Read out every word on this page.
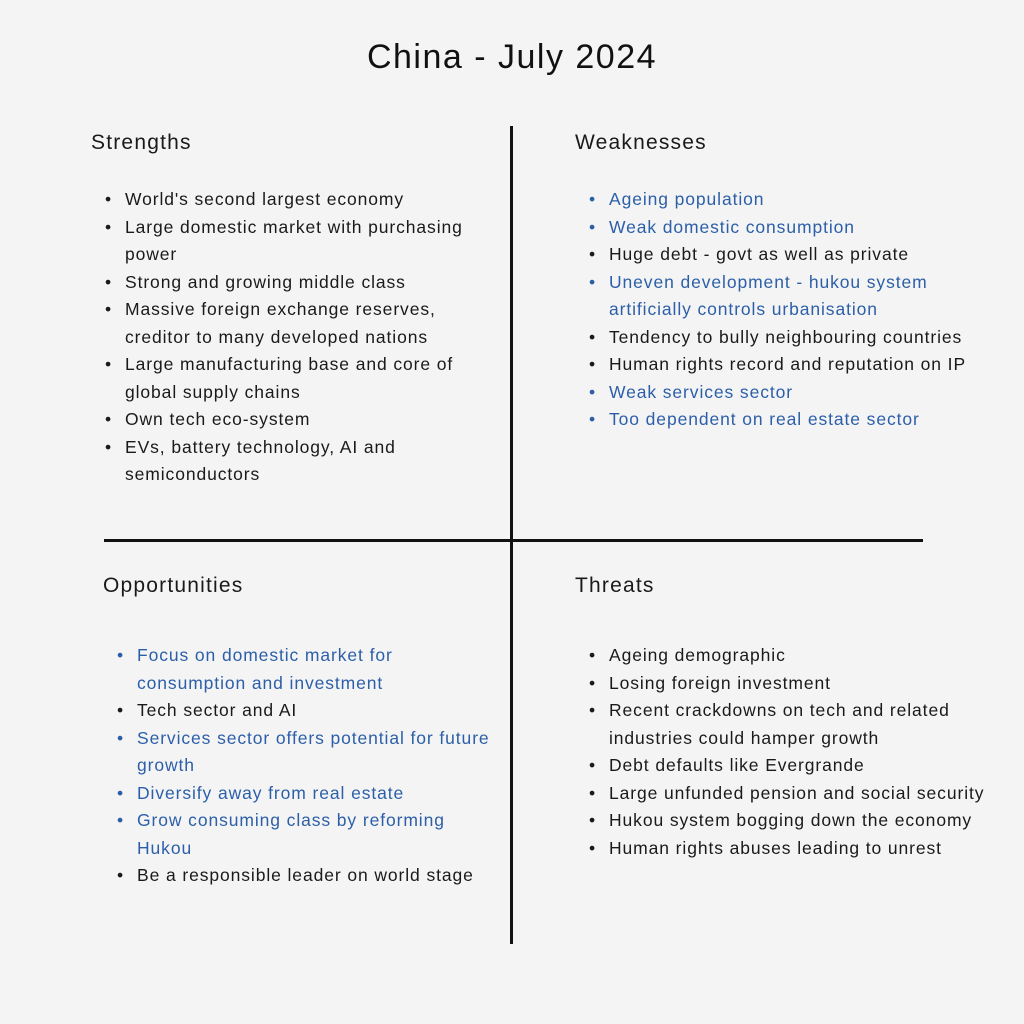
China - July 2024
Strengths
• World's second largest economy
• Large domestic market with purchasing power
• Strong and growing middle class
• Massive foreign exchange reserves, creditor to many developed nations
• Large manufacturing base and core of global supply chains
• Own tech eco-system
• EVs, battery technology, AI and semiconductors
Weaknesses
• Ageing population
• Weak domestic consumption
• Huge debt - govt as well as private
• Uneven development - hukou system artificially controls urbanisation
• Tendency to bully neighbouring countries
• Human rights record and reputation on IP
• Weak services sector
• Too dependent on real estate sector
Opportunities
• Focus on domestic market for consumption and investment
• Tech sector and AI
• Services sector offers potential for future growth
• Diversify away from real estate
• Grow consuming class by reforming Hukou
• Be a responsible leader on world stage
Threats
• Ageing demographic
• Losing foreign investment
• Recent crackdowns on tech and related industries could hamper growth
• Debt defaults like Evergrande
• Large unfunded pension and social security
• Hukou system bogging down the economy
• Human rights abuses leading to unrest
